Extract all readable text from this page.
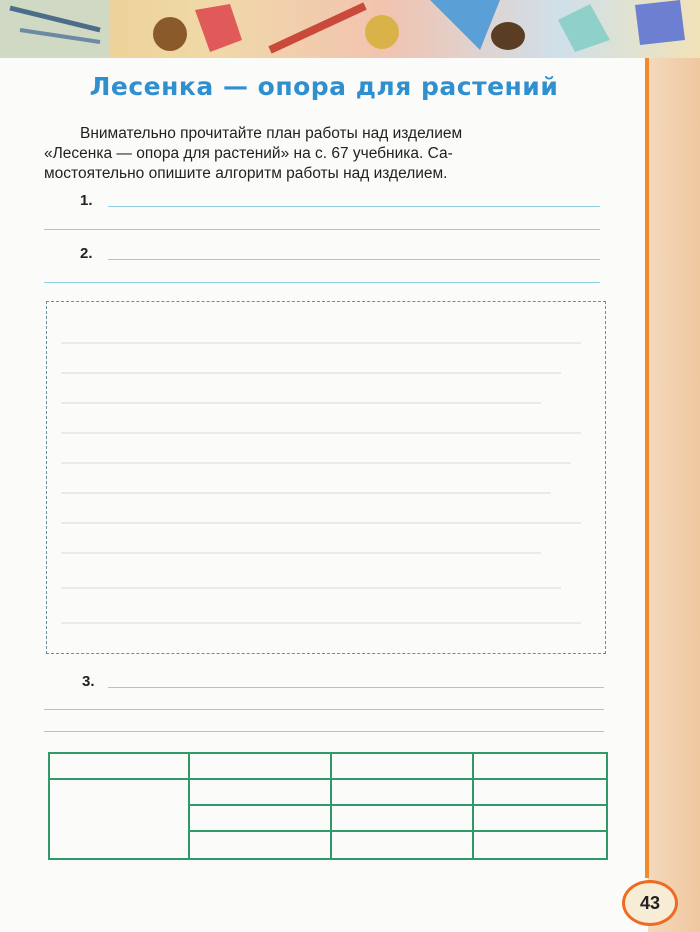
Лесенка — опора для растений
Внимательно прочитайте план работы над изделием
«Лесенка — опора для растений» на с. 67 учебника. Са-
мостоятельно опишите алгоритм работы над изделием.
1.
2.
3.

43
